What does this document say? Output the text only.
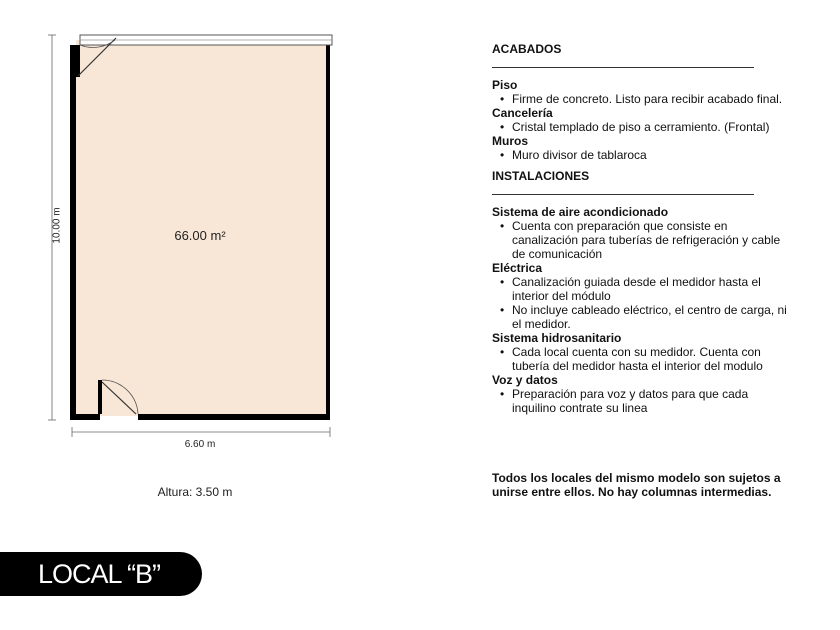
66.00 m²
10.00 m
6.60 m
Altura: 3.50 m

ACABADOS

Piso

• Firme de concreto. Listo para recibir acabado final.

Cancelería

• Cristal templado de piso a cerramiento. (Frontal)

Muros

• Muro divisor de tablaroca

INSTALACIONES

Sistema de aire acondicionado

• Cuenta con preparación que consiste en canalización para tuberías de refrigeración y cable de comunicación

Eléctrica

• Canalización guiada desde el medidor hasta el interior del módulo
• No incluye cableado eléctrico, el centro de carga, ni el medidor.

Sistema hidrosanitario

• Cada local cuenta con su medidor. Cuenta con tubería del medidor hasta el interior del modulo

Voz y datos

• Preparación para voz y datos para que cada inquilino contrate su linea
Todos los locales del mismo modelo son sujetos a unirse entre ellos. No hay columnas intermedias.
LOCAL “B”
